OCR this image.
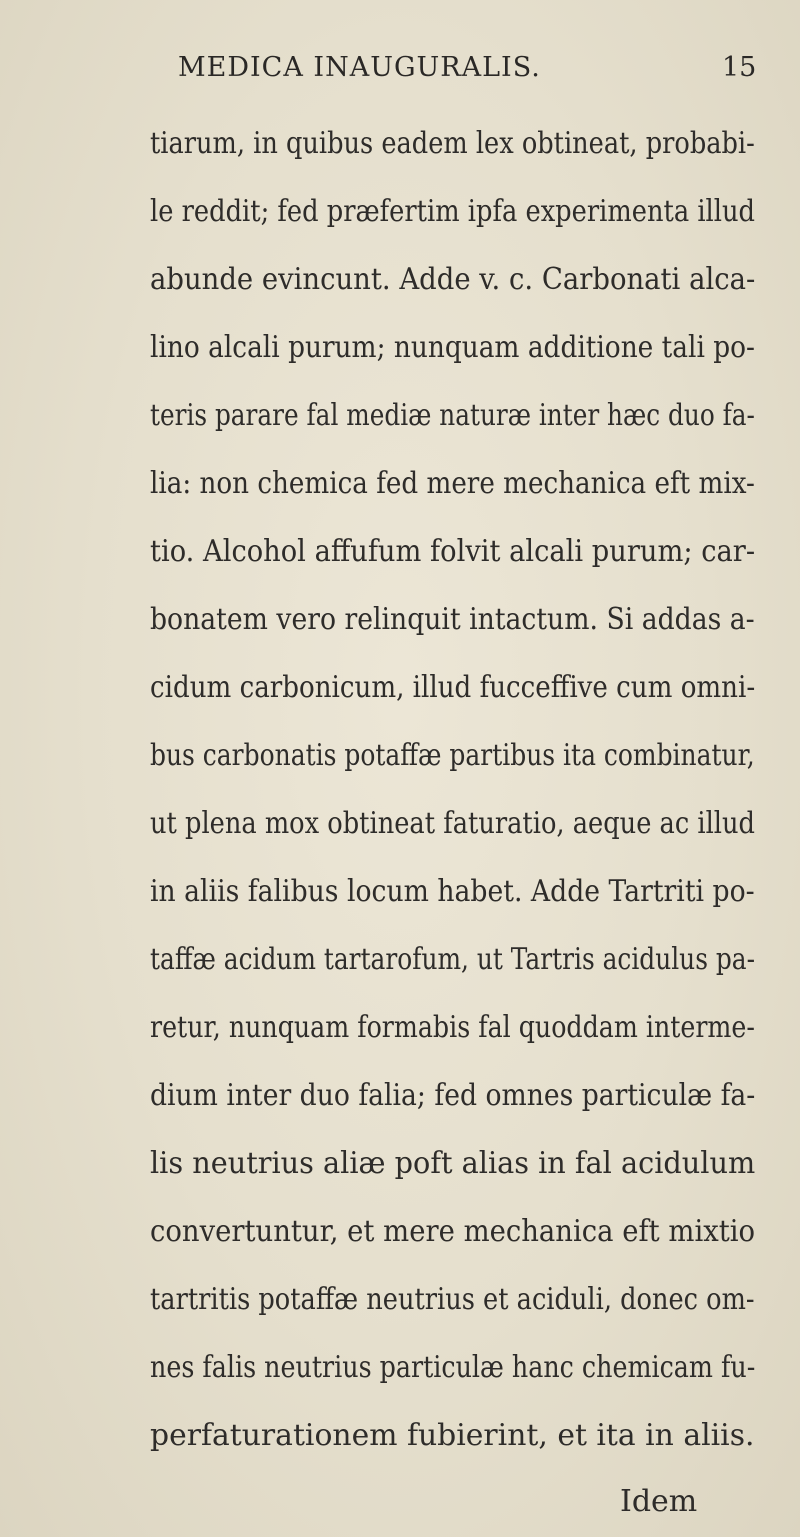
MEDICA INAUGURALIS.	15
tiarum, in quibus eadem lex obtineat, probabi-
le reddit; fed præfertim ipfa experimenta illud
abunde evincunt. Adde v. c. Carbonati alca-
lino alcali purum; nunquam additione tali po-
teris parare fal mediæ naturæ inter hæc duo fa-
lia: non chemica fed mere mechanica eft mix-
tio. Alcohol affufum folvit alcali purum; car-
bonatem vero relinquit intactum. Si addas a-
cidum carbonicum, illud fucceffive cum omni-
bus carbonatis potaffæ partibus ita combinatur,
ut plena mox obtineat faturatio, aeque ac illud
in aliis falibus locum habet. Adde Tartriti po-
taffæ acidum tartarofum, ut Tartris acidulus pa-
retur, nunquam formabis fal quoddam interme-
dium inter duo falia; fed omnes particulæ fa-
lis neutrius aliæ poft alias in fal acidulum
convertuntur, et mere mechanica eft mixtio
tartritis potaffæ neutrius et aciduli, donec om-
nes falis neutrius particulæ hanc chemicam fu-
perfaturationem fubierint, et ita in aliis.
Idem
